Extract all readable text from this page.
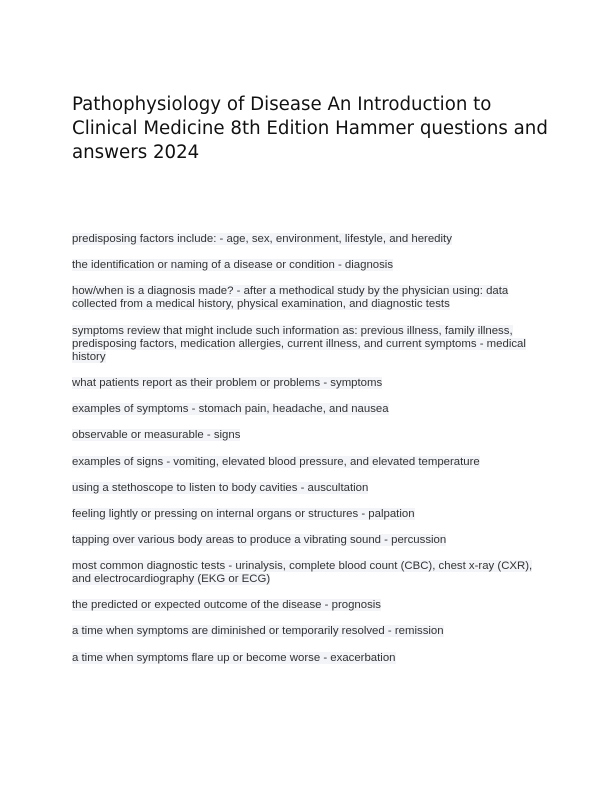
Pathophysiology of Disease An Introduction to Clinical Medicine 8th Edition Hammer questions and answers 2024
predisposing factors include: - age, sex, environment, lifestyle, and heredity
the identification or naming of a disease or condition - diagnosis
how/when is a diagnosis made? - after a methodical study by the physician using: data collected from a medical history, physical examination, and diagnostic tests
symptoms review that might include such information as: previous illness, family illness, predisposing factors, medication allergies, current illness, and current symptoms - medical history
what patients report as their problem or problems - symptoms
examples of symptoms - stomach pain, headache, and nausea
observable or measurable - signs
examples of signs - vomiting, elevated blood pressure, and elevated temperature
using a stethoscope to listen to body cavities - auscultation
feeling lightly or pressing on internal organs or structures - palpation
tapping over various body areas to produce a vibrating sound - percussion
most common diagnostic tests - urinalysis, complete blood count (CBC), chest x-ray (CXR), and electrocardiography (EKG or ECG)
the predicted or expected outcome of the disease - prognosis
a time when symptoms are diminished or temporarily resolved - remission
a time when symptoms flare up or become worse - exacerbation
